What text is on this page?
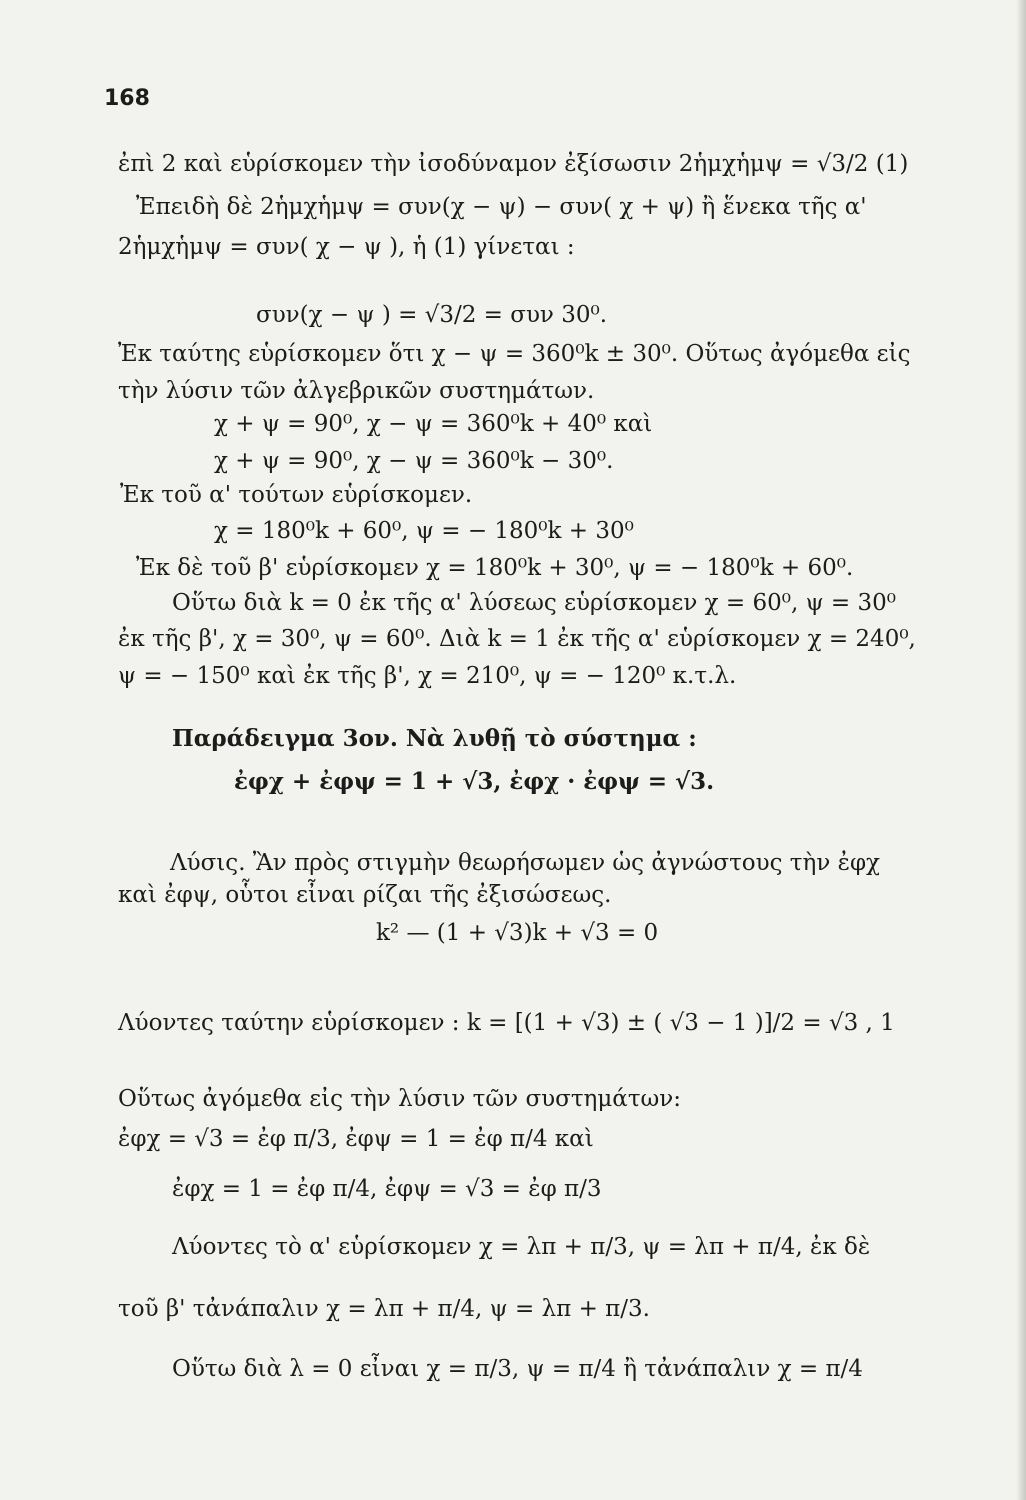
168
ἐπὶ 2 καὶ εὑρίσκομεν τὴν ἰσοδύναμον ἐξίσωσιν 2ἡμχἡμψ = √3/2 (1)
Ἐπειδὴ δὲ 2ἡμχἡμψ = συν(χ − ψ) − συν( χ + ψ) ἢ ἕνεκα τῆς α'
2ἡμχἡμψ = συν( χ − ψ ), ἡ (1) γίνεται :
συν(χ − ψ ) = √3/2 = συν 30⁰.
Ἐκ ταύτης εὑρίσκομεν ὅτι χ − ψ = 360⁰k ± 30⁰. Οὕτως ἀγόμεθα εἰς
τὴν λύσιν τῶν ἀλγεβρικῶν συστημάτων.
χ + ψ = 90⁰, χ − ψ = 360⁰k + 40⁰ καὶ
χ + ψ = 90⁰, χ − ψ = 360⁰k − 30⁰.
Ἐκ τοῦ α' τούτων εὑρίσκομεν.
χ = 180⁰k + 60⁰, ψ = − 180⁰k + 30⁰
Ἐκ δὲ τοῦ β' εὑρίσκομεν χ = 180⁰k + 30⁰, ψ = − 180⁰k + 60⁰.
Οὕτω διὰ k = 0 ἐκ τῆς α' λύσεως εὑρίσκομεν χ = 60⁰, ψ = 30⁰
ἐκ τῆς β', χ = 30⁰, ψ = 60⁰. Διὰ k = 1 ἐκ τῆς α' εὑρίσκομεν χ = 240⁰,
ψ = − 150⁰ καὶ ἐκ τῆς β', χ = 210⁰, ψ = − 120⁰ κ.τ.λ.
Παράδειγμα 3ον. Νὰ λυθῇ τὸ σύστημα :
ἐφχ + ἐφψ = 1 + √3, ἐφχ · ἐφψ = √3.
Λύσις. Ἂν πρὸς στιγμὴν θεωρήσωμεν ὡς ἀγνώστους τὴν ἐφχ
καὶ ἐφψ, οὗτοι εἶναι ρίζαι τῆς ἐξισώσεως.
k² — (1 + √3)k + √3 = 0
Λύοντες ταύτην εὑρίσκομεν : k = [(1 + √3) ± ( √3 − 1 )]/2 = √3 , 1
Οὕτως ἀγόμεθα εἰς τὴν λύσιν τῶν συστημάτων:
ἐφχ = √3 = ἐφ π/3, ἐφψ = 1 = ἐφ π/4 καὶ
ἐφχ = 1 = ἐφ π/4, ἐφψ = √3 = ἐφ π/3
Λύοντες τὸ α' εὑρίσκομεν χ = λπ + π/3, ψ = λπ + π/4, ἐκ δὲ
τοῦ β' τἀνάπαλιν χ = λπ + π/4, ψ = λπ + π/3.
Οὕτω διὰ λ = 0 εἶναι χ = π/3, ψ = π/4 ἢ τἀνάπαλιν χ = π/4
